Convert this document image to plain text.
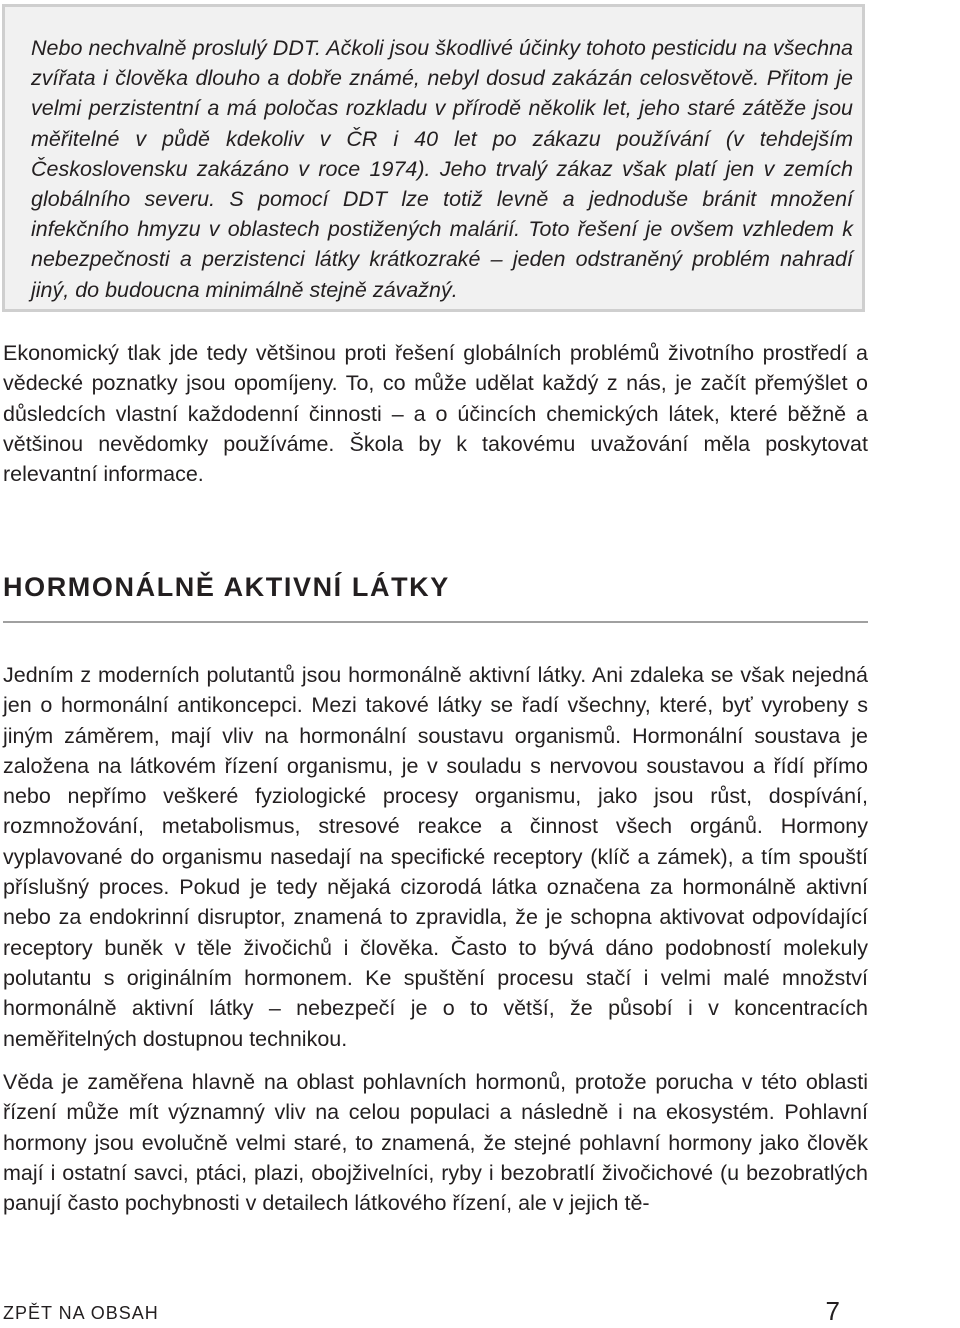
Nebo nechvalně proslulý DDT. Ačkoli jsou škodlivé účinky tohoto pesticidu na všechna zvířata i člověka dlouho a dobře známé, nebyl dosud zakázán celosvětově. Přitom je velmi perzistentní a má poločas rozkladu v přírodě několik let, jeho staré zátěže jsou měřitelné v půdě kdekoliv v ČR i 40 let po zákazu používání (v tehdejším Československu zakázáno v roce 1974). Jeho trvalý zákaz však platí jen v zemích globálního severu. S pomocí DDT lze totiž levně a jednoduše bránit množení infekčního hmyzu v oblastech postižených malárií. Toto řešení je ovšem vzhledem k nebezpečnosti a perzistenci látky krátkozraké – jeden odstraněný problém nahradí jiný, do budoucna minimálně stejně závažný.
Ekonomický tlak jde tedy většinou proti řešení globálních problémů životního prostředí a vědecké poznatky jsou opomíjeny. To, co může udělat každý z nás, je začít přemýšlet o důsledcích vlastní každodenní činnosti – a o účincích chemických látek, které běžně a většinou nevědomky používáme. Škola by k takovému uvažování měla poskytovat relevantní informace.
HORMONÁLNĚ AKTIVNÍ LÁTKY
Jedním z moderních polutantů jsou hormonálně aktivní látky. Ani zdaleka se však nejedná jen o hormonální antikoncepci. Mezi takové látky se řadí všechny, které, byť vyrobeny s jiným záměrem, mají vliv na hormonální soustavu organismů. Hormonální soustava je založena na látkovém řízení organismu, je v souladu s nervovou soustavou a řídí přímo nebo nepřímo veškeré fyziologické procesy organismu, jako jsou růst, dospívání, rozmnožování, metabolismus, stresové reakce a činnost všech orgánů. Hormony vyplavované do organismu nasedají na specifické receptory (klíč a zámek), a tím spouští příslušný proces. Pokud je tedy nějaká cizorodá látka označena za hormonálně aktivní nebo za endokrinní disruptor, znamená to zpravidla, že je schopna aktivovat odpovídající receptory buněk v těle živočichů i člověka. Často to bývá dáno podobností molekuly polutantu s originálním hormonem. Ke spuštění procesu stačí i velmi malé množství hormonálně aktivní látky – nebezpečí je o to větší, že působí i v koncentracích neměřitelných dostupnou technikou.
Věda je zaměřena hlavně na oblast pohlavních hormonů, protože porucha v této oblasti řízení může mít významný vliv na celou populaci a následně i na ekosystém. Pohlavní hormony jsou evolučně velmi staré, to znamená, že stejné pohlavní hormony jako člověk mají i ostatní savci, ptáci, plazi, obojživelníci, ryby i bezobratlí živočichové (u bezobratlých panují často pochybnosti v detailech látkového řízení, ale v jejich tě-
ZPĚT NA OBSAH	7
